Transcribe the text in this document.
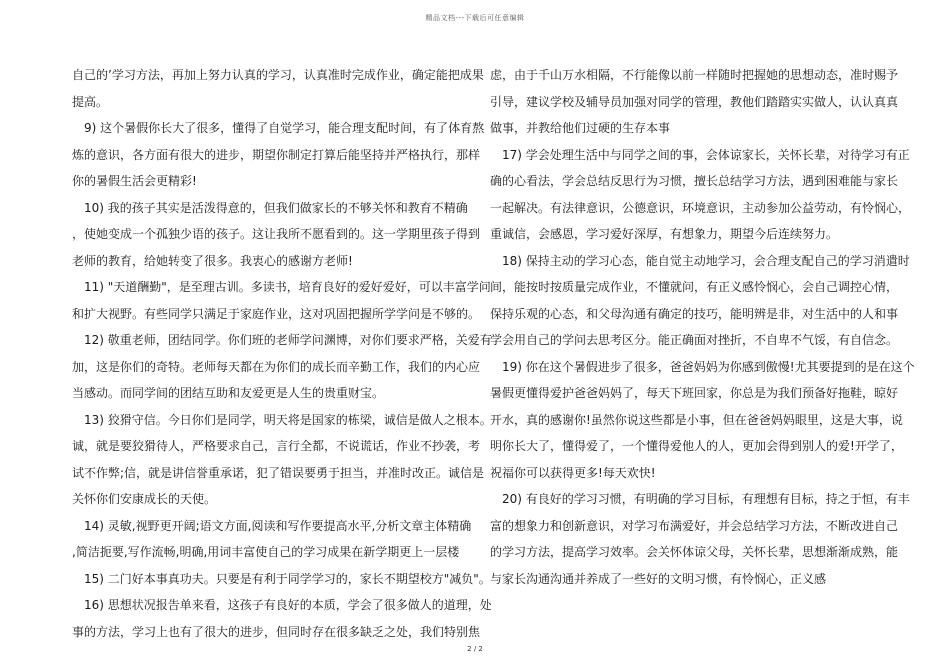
精品文档---下载后可任意编辑

自己的’学习方法，再加上努力认真的学习，认真准时完成作业，确定能把成果

提高。

9) 这个暑假你长大了很多，懂得了自觉学习，能合理支配时间，有了体育熬

炼的意识，各方面有很大的进步，期望你制定打算后能坚持并严格执行，那样

你的暑假生活会更精彩!

10) 我的孩子其实是活泼得意的，但我们做家长的不够关怀和教育不精确

，使她变成一个孤独少语的孩子。这让我所不愿看到的。这一学期里孩子得到

老师的教育，给她转变了很多。我衷心的感谢方老师!

11) "天道酬勤"，是至理古训。多读书，培育良好的爱好爱好，可以丰富学问

和扩大视野。有些同学只满足于家庭作业，这对巩固把握所学学问是不够的。

12) 敬重老师，团结同学。你们班的老师学问渊博，对你们要求严格，关爱有

加，这是你们的奇特。老师每天都在为你们的成长而辛勤工作，我们的内心应

当感动。而同学间的团结互助和友爱更是人生的贵重财宝。

13) 狡猾守信。今日你们是同学，明天将是国家的栋梁，诚信是做人之根本。

诚，就是要狡猾待人，严格要求自己，言行全都，不说谎话，作业不抄袭，考

试不作弊;信，就是讲信誉重承诺，犯了错误要勇于担当，并准时改正。诚信是

关怀你们安康成长的天使。

14) 灵敏,视野更开阔;语文方面,阅读和写作要提高水平,分析文章主体精确

,简洁扼要,写作流畅,明确,用词丰富使自己的学习成果在新学期更上一层楼

15) 二门好本事真功夫。只要是有利于同学学习的，家长不期望校方"减负"。

16) 思想状况报告单来看，这孩子有良好的本质，学会了很多做人的道理，处

事的方法，学习上也有了很大的进步，但同时存在很多缺乏之处，我们特别焦

虑，由于千山万水相隔，不行能像以前一样随时把握她的思想动态，准时赐予

引导，建议学校及辅导员加强对同学的管理，教他们踏踏实实做人，认认真真

做事，并教给他们过硬的生存本事

17) 学会处理生活中与同学之间的事，会体谅家长，关怀长辈，对待学习有正

确的心看法，学会总结反思行为习惯，擅长总结学习方法，遇到困难能与家长

一起解决。有法律意识，公德意识，环境意识，主动参加公益劳动，有怜悯心，

重诚信，会感恩，学习爱好深厚，有想象力，期望今后连续努力。

18) 保持主动的学习心态，能自觉主动地学习，会合理支配自己的学习消遣时

间，能按时按质量完成作业，不懂就问，有正义感怜悯心，会自己调控心情，

保持乐观的心态，和父母沟通有确定的技巧，能明辨是非，对生活中的人和事

学会用自己的学问去思考区分。能正确面对挫折，不自卑不气馁，有自信念。

19) 你在这个暑假进步了很多，爸爸妈妈为你感到傲慢!尤其要提到的是在这个

暑假更懂得爱护爸爸妈妈了，每天下班回家，你总是为我们预备好拖鞋，晾好

开水，真的感谢你!虽然你说这些都是小事，但在爸爸妈妈眼里，这是大事，说

明你长大了，懂得爱了，一个懂得爱他人的人，更加会得到别人的爱!开学了，

祝福你可以获得更多!每天欢快!

20) 有良好的学习习惯，有明确的学习目标，有理想有目标，持之于恒，有丰

富的想象力和创新意识，对学习布满爱好，并会总结学习方法，不断改进自己

的学习方法，提高学习效率。会关怀体谅父母，关怀长辈，思想渐渐成熟，能

与家长沟通沟通并养成了一些好的文明习惯，有怜悯心，正义感

2 / 2
